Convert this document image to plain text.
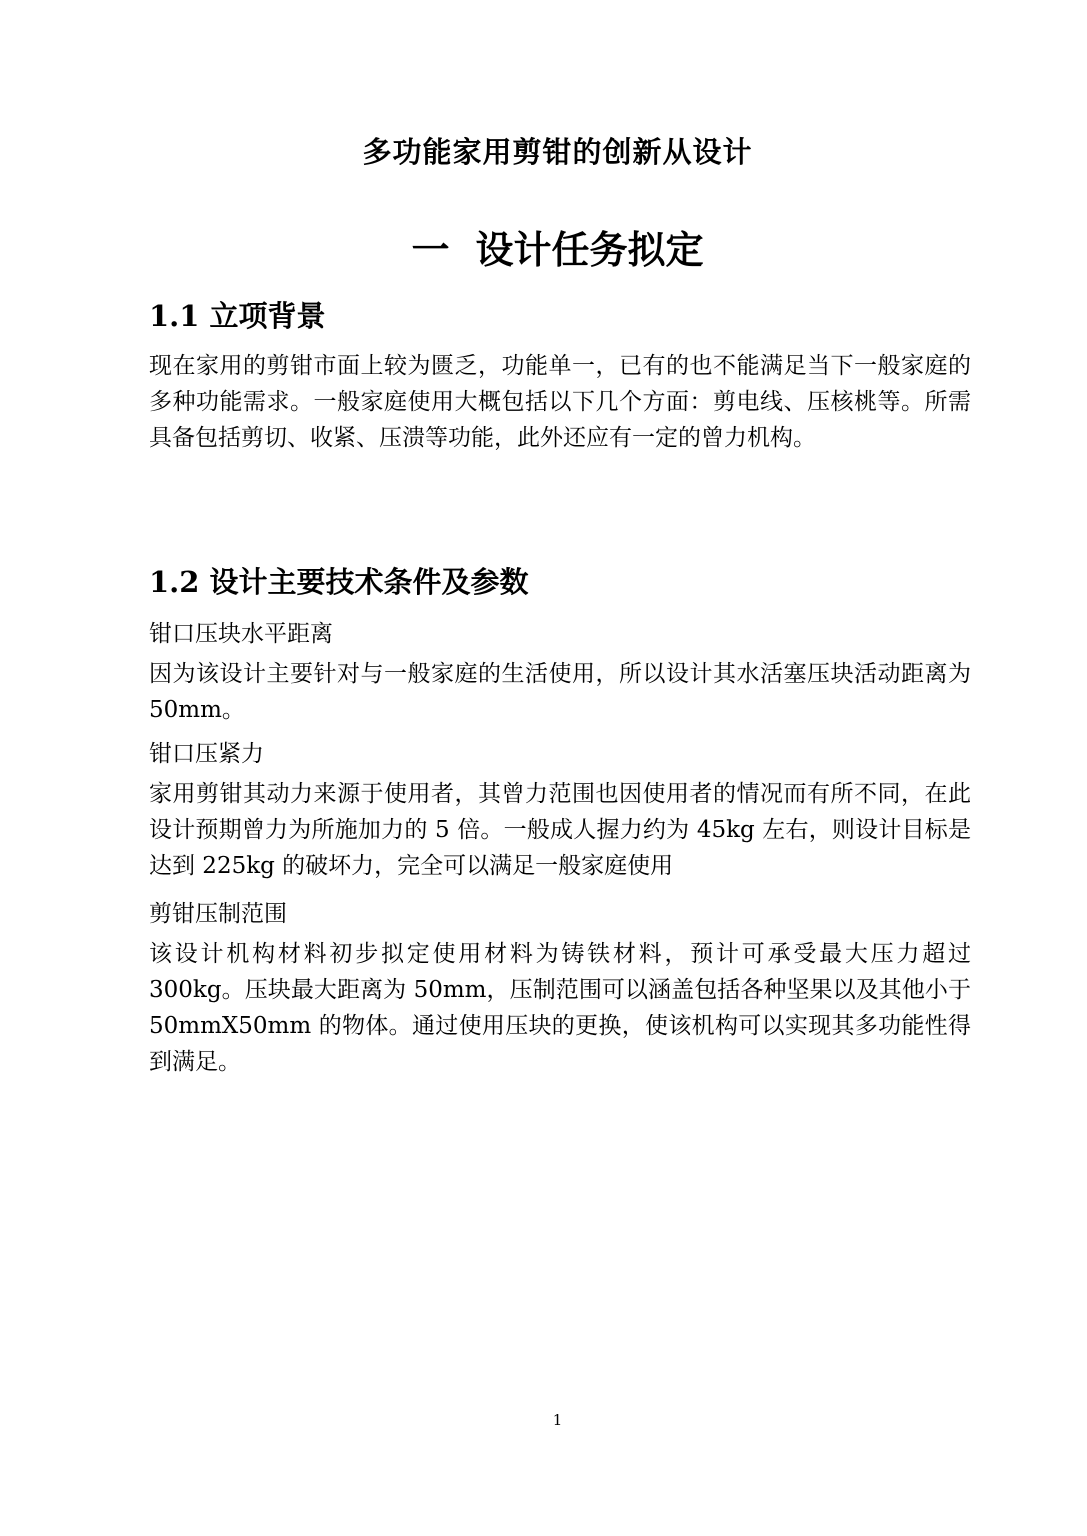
多功能家用剪钳的创新从设计
一 设计任务拟定
1.1 立项背景

现在家用的剪钳市面上较为匮乏，功能单一，已有的也不能满足当下一般家庭的多种功能需求。一般家庭使用大概包括以下几个方面：剪电线、压核桃等。所需具备包括剪切、收紧、压溃等功能，此外还应有一定的曾力机构。

1.2 设计主要技术条件及参数
钳口压块水平距离

因为该设计主要针对与一般家庭的生活使用，所以设计其水活塞压块活动距离为 50mm。

钳口压紧力

家用剪钳其动力来源于使用者，其曾力范围也因使用者的情况而有所不同，在此设计预期曾力为所施加力的 5 倍。一般成人握力约为 45kg 左右，则设计目标是达到 225kg 的破坏力，完全可以满足一般家庭使用

剪钳压制范围

该设计机构材料初步拟定使用材料为铸铁材料，预计可承受最大压力超过 300kg。压块最大距离为 50mm，压制范围可以涵盖包括各种坚果以及其他小于 50mmX50mm 的物体。通过使用压块的更换，使该机构可以实现其多功能性得到满足。

1
